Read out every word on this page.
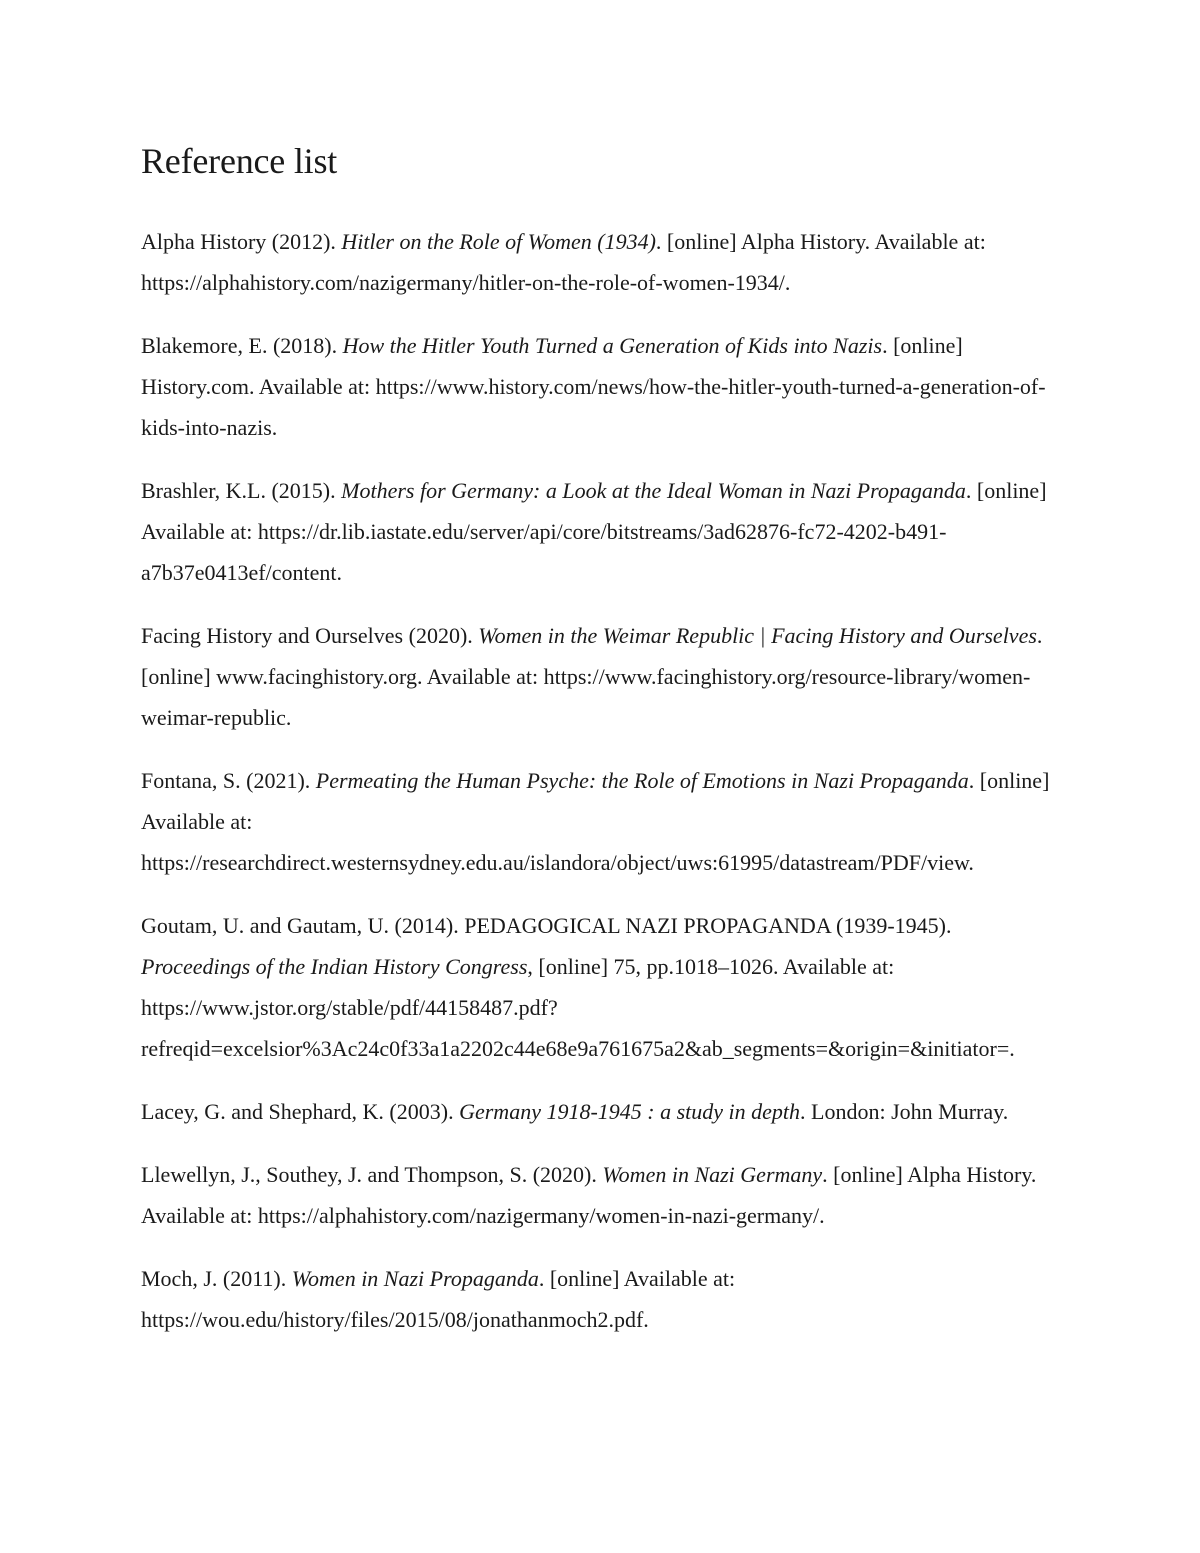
Reference list
Alpha History (2012). Hitler on the Role of Women (1934). [online] Alpha History. Available at: https://alphahistory.com/nazigermany/hitler-on-the-role-of-women-1934/.
Blakemore, E. (2018). How the Hitler Youth Turned a Generation of Kids into Nazis. [online] History.com. Available at: https://www.history.com/news/how-the-hitler-youth-turned-a-generation-of-kids-into-nazis.
Brashler, K.L. (2015). Mothers for Germany: a Look at the Ideal Woman in Nazi Propaganda. [online] Available at: https://dr.lib.iastate.edu/server/api/core/bitstreams/3ad62876-fc72-4202-b491-a7b37e0413ef/content.
Facing History and Ourselves (2020). Women in the Weimar Republic | Facing History and Ourselves. [online] www.facinghistory.org. Available at: https://www.facinghistory.org/resource-library/women-weimar-republic.
Fontana, S. (2021). Permeating the Human Psyche: the Role of Emotions in Nazi Propaganda. [online] Available at: https://researchdirect.westernsydney.edu.au/islandora/object/uws:61995/datastream/PDF/view.
Goutam, U. and Gautam, U. (2014). PEDAGOGICAL NAZI PROPAGANDA (1939-1945). Proceedings of the Indian History Congress, [online] 75, pp.1018–1026. Available at: https://www.jstor.org/stable/pdf/44158487.pdf?refreqid=excelsior%3Ac24c0f33a1a2202c44e68e9a761675a2&ab_segments=&origin=&initiator=.
Lacey, G. and Shephard, K. (2003). Germany 1918-1945 : a study in depth. London: John Murray.
Llewellyn, J., Southey, J. and Thompson, S. (2020). Women in Nazi Germany. [online] Alpha History. Available at: https://alphahistory.com/nazigermany/women-in-nazi-germany/.
Moch, J. (2011). Women in Nazi Propaganda. [online] Available at: https://wou.edu/history/files/2015/08/jonathanmoch2.pdf.
